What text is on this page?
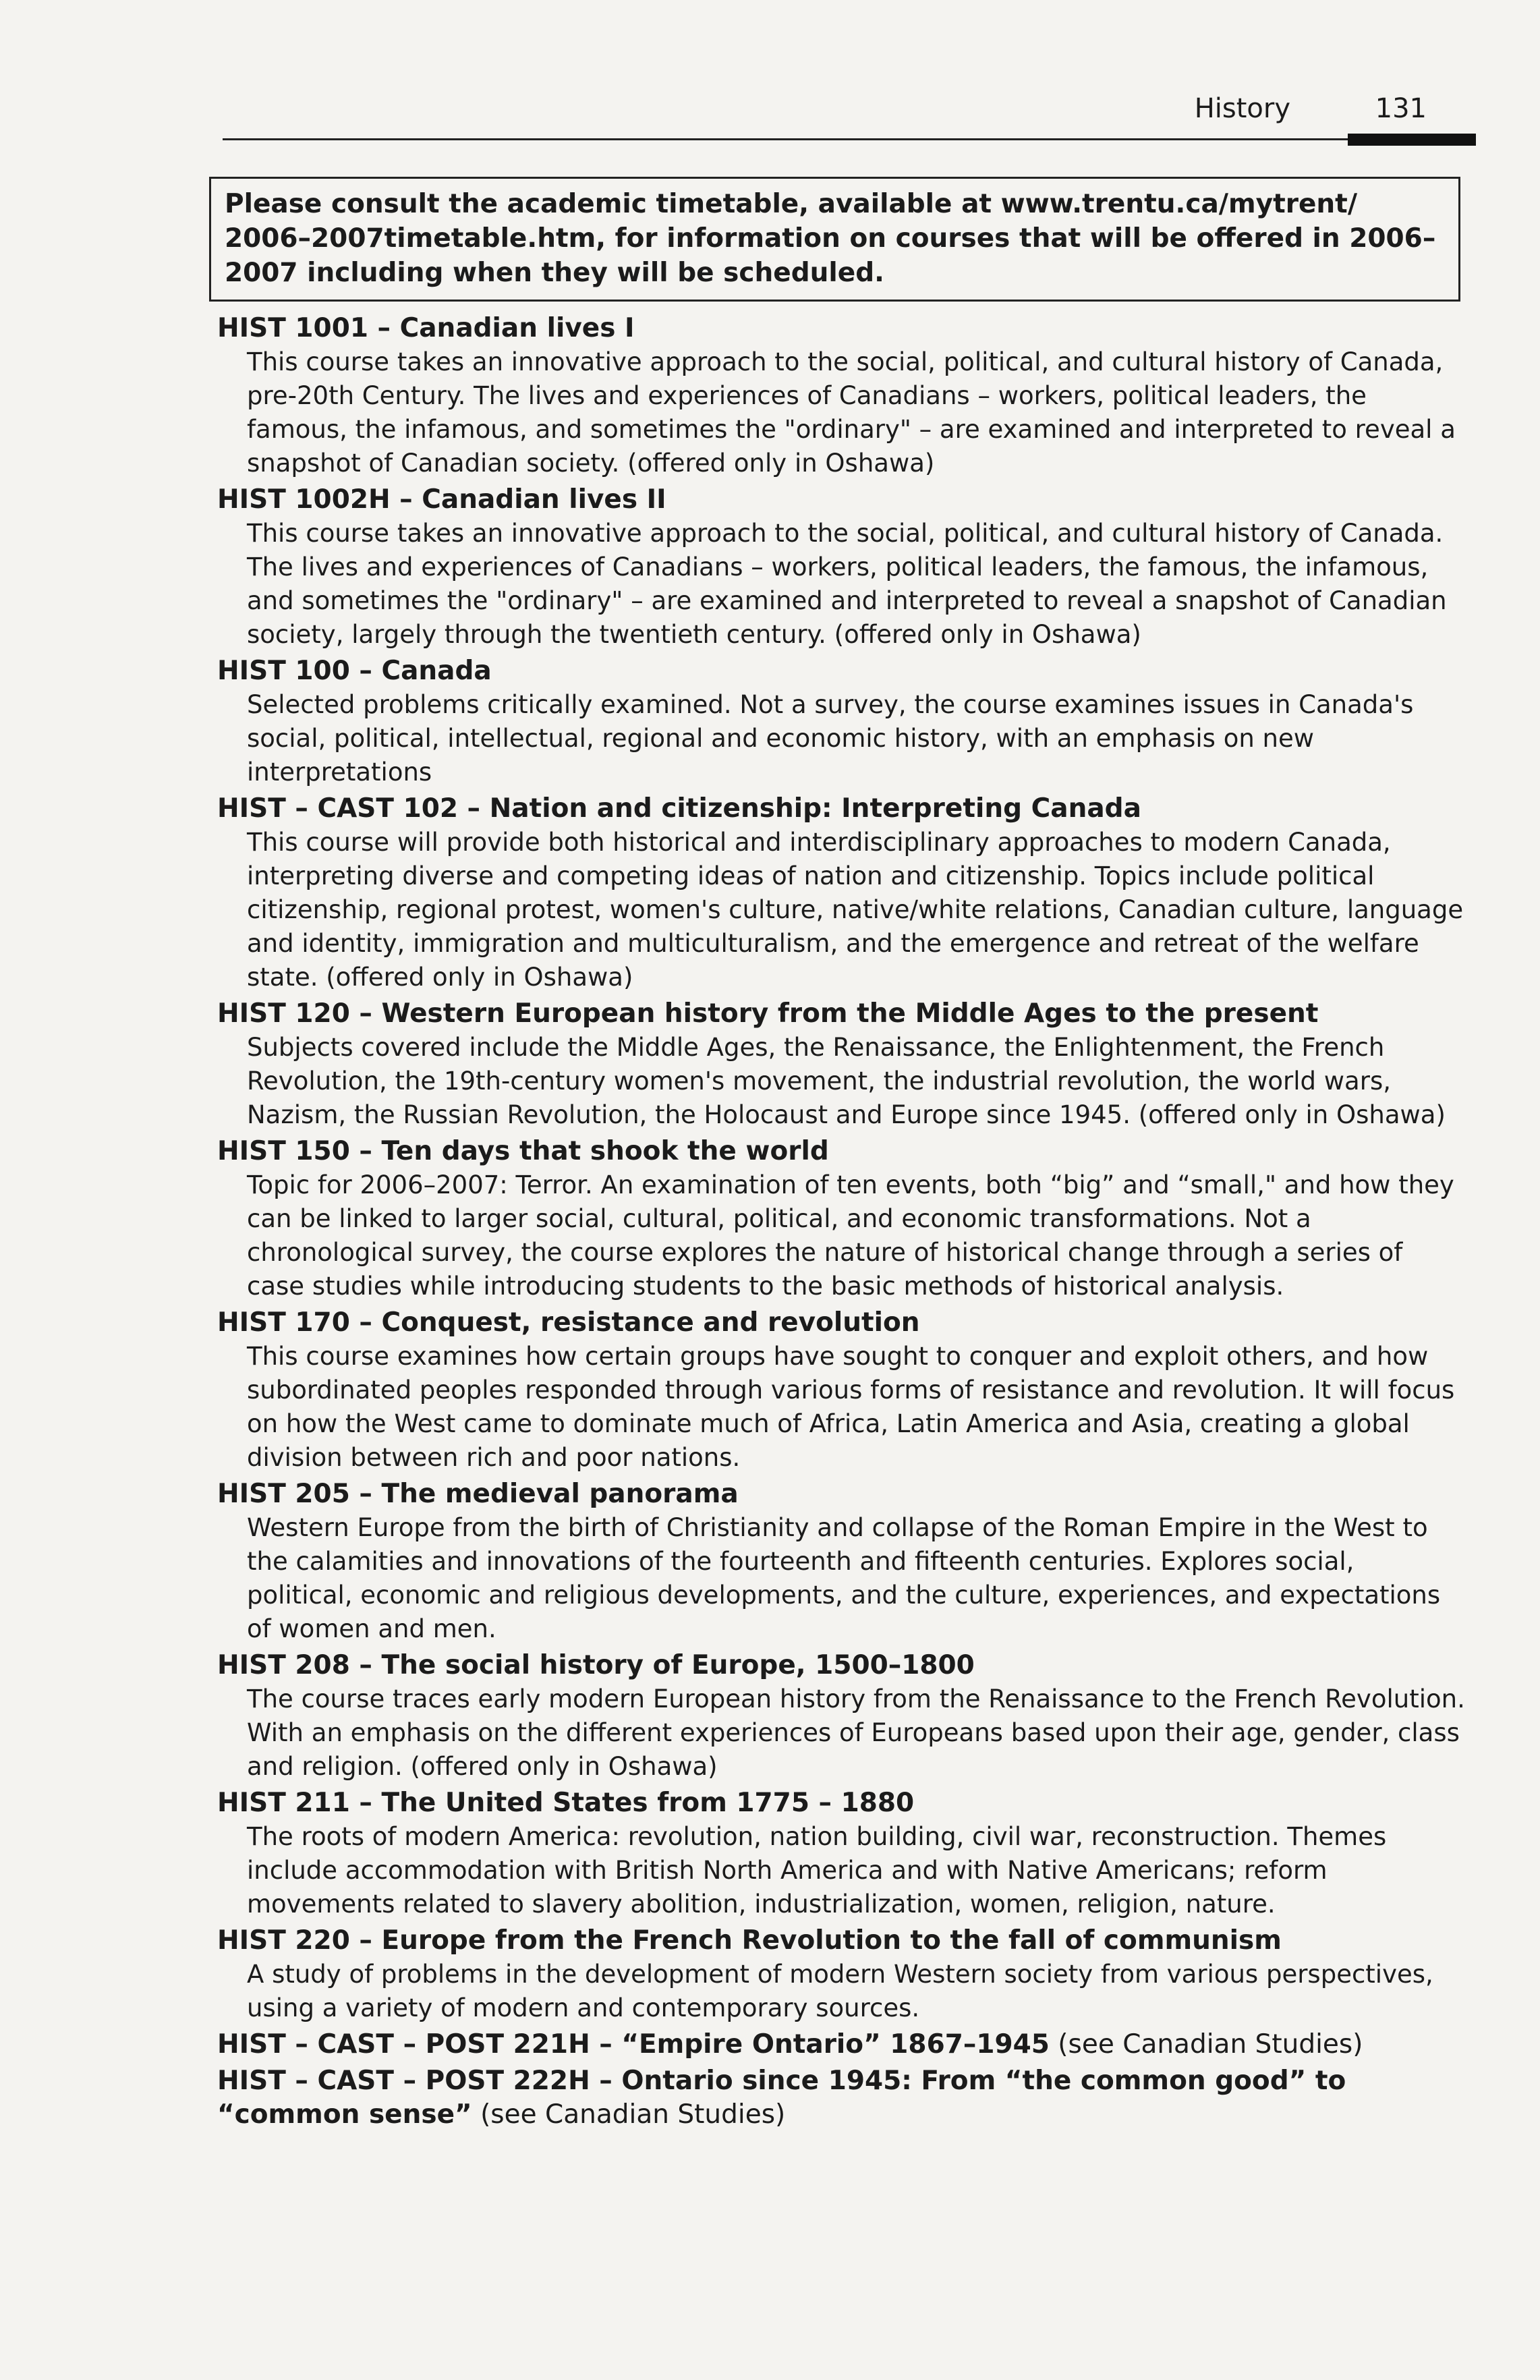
History	131
Please consult the academic timetable, available at www.trentu.ca/mytrent/ 2006–2007timetable.htm, for information on courses that will be offered in 2006–2007 including when they will be scheduled.
HIST 1001 – Canadian lives I
This course takes an innovative approach to the social, political, and cultural history of Canada, pre-20th Century. The lives and experiences of Canadians – workers, political leaders, the famous, the infamous, and sometimes the "ordinary" – are examined and interpreted to reveal a snapshot of Canadian society. (offered only in Oshawa)
HIST 1002H – Canadian lives II
This course takes an innovative approach to the social, political, and cultural history of Canada. The lives and experiences of Canadians – workers, political leaders, the famous, the infamous, and sometimes the "ordinary" – are examined and interpreted to reveal a snapshot of Canadian society, largely through the twentieth century. (offered only in Oshawa)
HIST 100 – Canada
Selected problems critically examined. Not a survey, the course examines issues in Canada's social, political, intellectual, regional and economic history, with an emphasis on new interpretations
HIST – CAST 102 – Nation and citizenship: Interpreting Canada
This course will provide both historical and interdisciplinary approaches to modern Canada, interpreting diverse and competing ideas of nation and citizenship. Topics include political citizenship, regional protest, women's culture, native/white relations, Canadian culture, language and identity, immigration and multiculturalism, and the emergence and retreat of the welfare state. (offered only in Oshawa)
HIST 120 – Western European history from the Middle Ages to the present
Subjects covered include the Middle Ages, the Renaissance, the Enlightenment, the French Revolution, the 19th-century women's movement, the industrial revolution, the world wars, Nazism, the Russian Revolution, the Holocaust and Europe since 1945. (offered only in Oshawa)
HIST 150 – Ten days that shook the world
Topic for 2006–2007: Terror. An examination of ten events, both “big” and “small," and how they can be linked to larger social, cultural, political, and economic transformations. Not a chronological survey, the course explores the nature of historical change through a series of case studies while introducing students to the basic methods of historical analysis.
HIST 170 – Conquest, resistance and revolution
This course examines how certain groups have sought to conquer and exploit others, and how subordinated peoples responded through various forms of resistance and revolution. It will focus on how the West came to dominate much of Africa, Latin America and Asia, creating a global division between rich and poor nations.
HIST 205 – The medieval panorama
Western Europe from the birth of Christianity and collapse of the Roman Empire in the West to the calamities and innovations of the fourteenth and fifteenth centuries. Explores social, political, economic and religious developments, and the culture, experiences, and expectations of women and men.
HIST 208 – The social history of Europe, 1500–1800
The course traces early modern European history from the Renaissance to the French Revolution. With an emphasis on the different experiences of Europeans based upon their age, gender, class and religion. (offered only in Oshawa)
HIST 211 – The United States from 1775 – 1880
The roots of modern America: revolution, nation building, civil war, reconstruction. Themes include accommodation with British North America and with Native Americans; reform movements related to slavery abolition, industrialization, women, religion, nature.
HIST 220 – Europe from the French Revolution to the fall of communism
A study of problems in the development of modern Western society from various perspectives, using a variety of modern and contemporary sources.
HIST – CAST – POST 221H – “Empire Ontario” 1867–1945 (see Canadian Studies)
HIST – CAST – POST 222H – Ontario since 1945: From “the common good” to “common sense” (see Canadian Studies)
